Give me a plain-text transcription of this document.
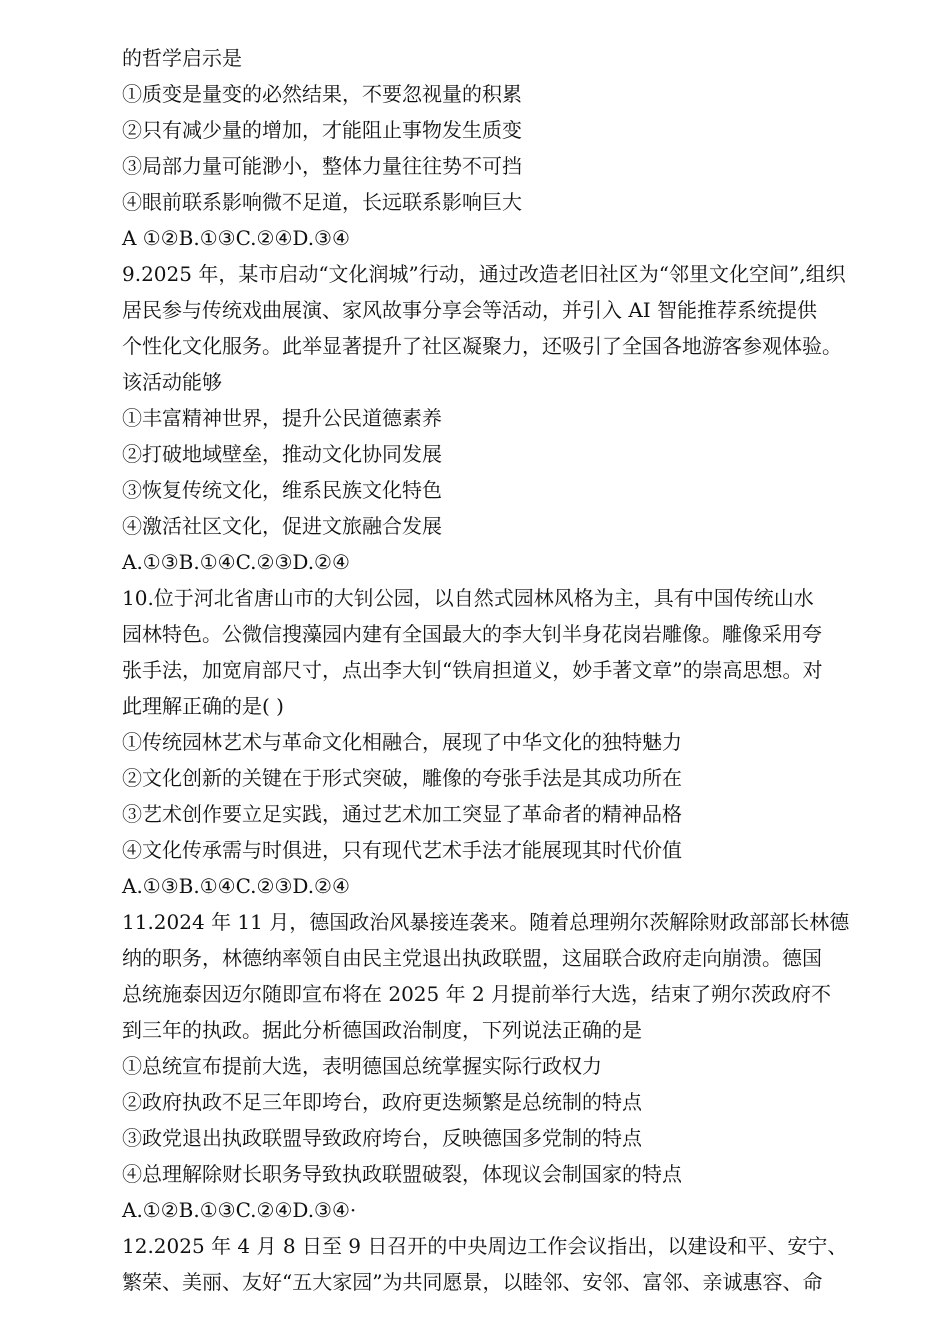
的哲学启示是
①质变是量变的必然结果，不要忽视量的积累
②只有减少量的增加，才能阻止事物发生质变
③局部力量可能渺小，整体力量往往势不可挡
④眼前联系影响微不足道，长远联系影响巨大
A ①②B.①③C.②④D.③④
9.2025 年，某市启动“文化润城”行动，通过改造老旧社区为“邻里文化空间”,组织
居民参与传统戏曲展演、家风故事分享会等活动，并引入 AI 智能推荐系统提供
个性化文化服务。此举显著提升了社区凝聚力，还吸引了全国各地游客参观体验。
该活动能够
①丰富精神世界，提升公民道德素养
②打破地域壁垒，推动文化协同发展
③恢复传统文化，维系民族文化特色
④激活社区文化，促进文旅融合发展
A.①③B.①④C.②③D.②④
10.位于河北省唐山市的大钊公园，以自然式园林风格为主，具有中国传统山水
园林特色。公微信搜藻园内建有全国最大的李大钊半身花岗岩雕像。雕像采用夸
张手法，加宽肩部尺寸，点出李大钊“铁肩担道义，妙手著文章”的崇高思想。对
此理解正确的是( )
①传统园林艺术与革命文化相融合，展现了中华文化的独特魅力
②文化创新的关键在于形式突破，雕像的夸张手法是其成功所在
③艺术创作要立足实践，通过艺术加工突显了革命者的精神品格
④文化传承需与时俱进，只有现代艺术手法才能展现其时代价值
A.①③B.①④C.②③D.②④
11.2024 年 11 月，德国政治风暴接连袭来。随着总理朔尔茨解除财政部部长林德
纳的职务，林德纳率领自由民主党退出执政联盟，这届联合政府走向崩溃。德国
总统施泰因迈尔随即宣布将在 2025 年 2 月提前举行大选，结束了朔尔茨政府不
到三年的执政。据此分析德国政治制度，下列说法正确的是
①总统宣布提前大选，表明德国总统掌握实际行政权力
②政府执政不足三年即垮台，政府更迭频繁是总统制的特点
③政党退出执政联盟导致政府垮台，反映德国多党制的特点
④总理解除财长职务导致执政联盟破裂，体现议会制国家的特点
A.①②B.①③C.②④D.③④·
12.2025 年 4 月 8 日至 9 日召开的中央周边工作会议指出，以建设和平、安宁、
繁荣、美丽、友好“五大家园”为共同愿景，以睦邻、安邻、富邻、亲诚惠容、命
